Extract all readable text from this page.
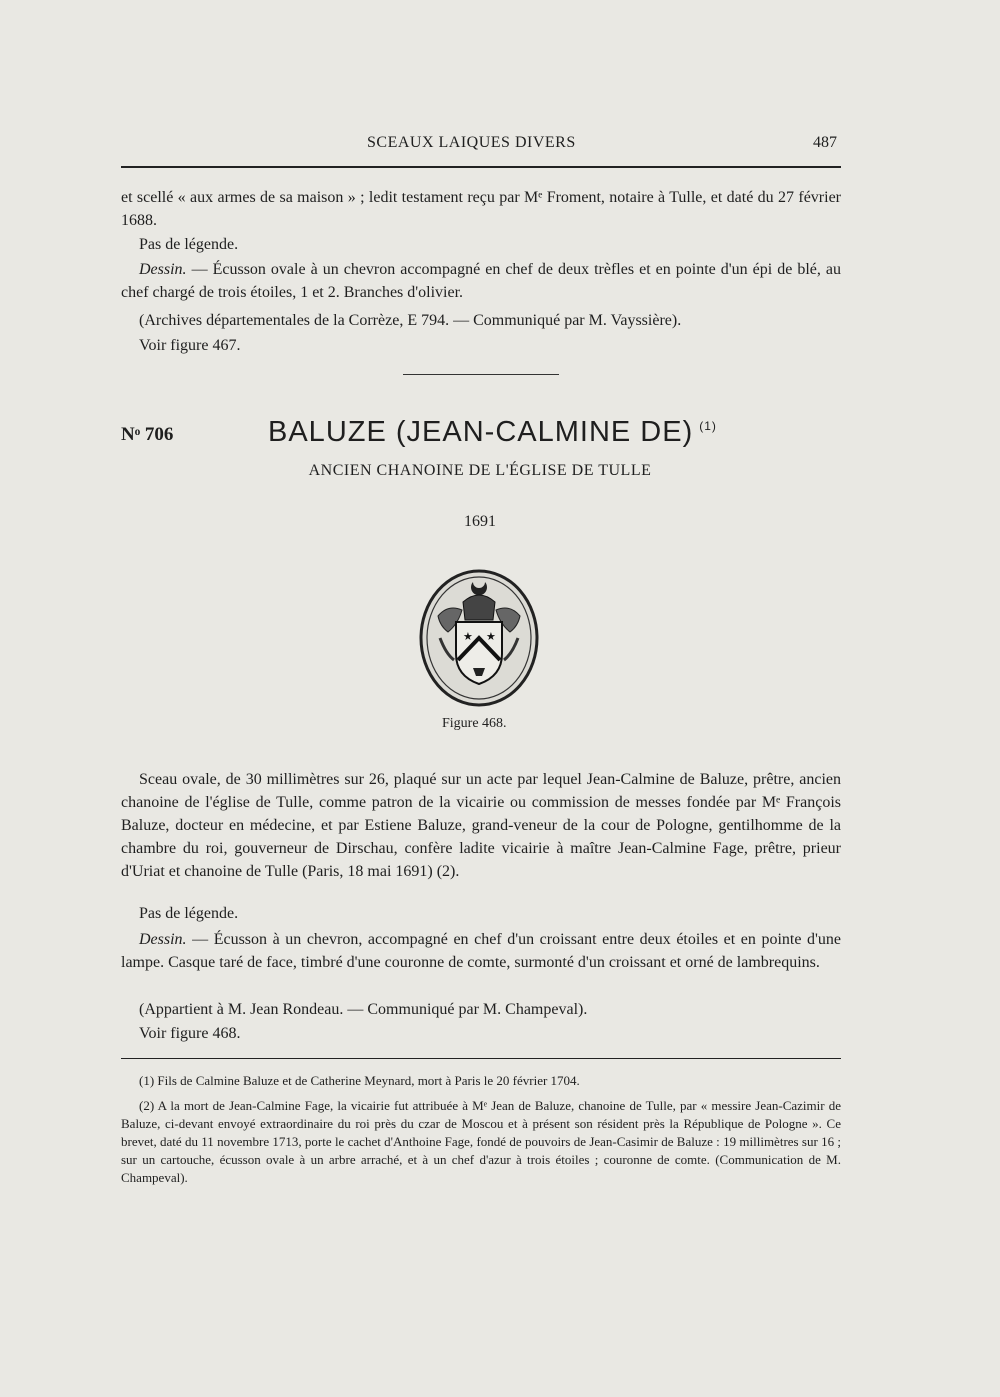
SCEAUX LAIQUES DIVERS	487

et scellé « aux armes de sa maison » ; ledit testament reçu par Mᵉ Froment, notaire à Tulle, et daté du 27 février 1688.

Pas de légende.

Dessin. — Écusson ovale à un chevron accompagné en chef de deux trèfles et en pointe d'un épi de blé, au chef chargé de trois étoiles, 1 et 2. Branches d'olivier.

(Archives départementales de la Corrèze, E 794. — Communiqué par M. Vayssière).

Voir figure 467.

Nᵒ 706	BALUZE (JEAN-CALMINE DE) $^{(1)}$
ANCIEN CHANOINE DE L'ÉGLISE DE TULLE
1691
★ ★
Figure 468.

Sceau ovale, de 30 millimètres sur 26, plaqué sur un acte par lequel Jean-Calmine de Baluze, prêtre, ancien chanoine de l'église de Tulle, comme patron de la vicairie ou commission de messes fondée par Mᵉ François Baluze, docteur en médecine, et par Estiene Baluze, grand-veneur de la cour de Pologne, gentilhomme de la chambre du roi, gouverneur de Dirschau, confère ladite vicairie à maître Jean-Calmine Fage, prêtre, prieur d'Uriat et chanoine de Tulle (Paris, 18 mai 1691) (2).

Pas de légende.

Dessin. — Écusson à un chevron, accompagné en chef d'un croissant entre deux étoiles et en pointe d'une lampe. Casque taré de face, timbré d'une couronne de comte, surmonté d'un croissant et orné de lambrequins.

(Appartient à M. Jean Rondeau. — Communiqué par M. Champeval).

Voir figure 468.

(1) Fils de Calmine Baluze et de Catherine Meynard, mort à Paris le 20 février 1704.

(2) A la mort de Jean-Calmine Fage, la vicairie fut attribuée à Mᵉ Jean de Baluze, chanoine de Tulle, par « messire Jean-Cazimir de Baluze, ci-devant envoyé extraordinaire du roi près du czar de Moscou et à présent son résident près la République de Pologne ». Ce brevet, daté du 11 novembre 1713, porte le cachet d'Anthoine Fage, fondé de pouvoirs de Jean-Casimir de Baluze : 19 millimètres sur 16 ; sur un cartouche, écusson ovale à un arbre arraché, et à un chef d'azur à trois étoiles ; couronne de comte. (Communication de M. Champeval).
